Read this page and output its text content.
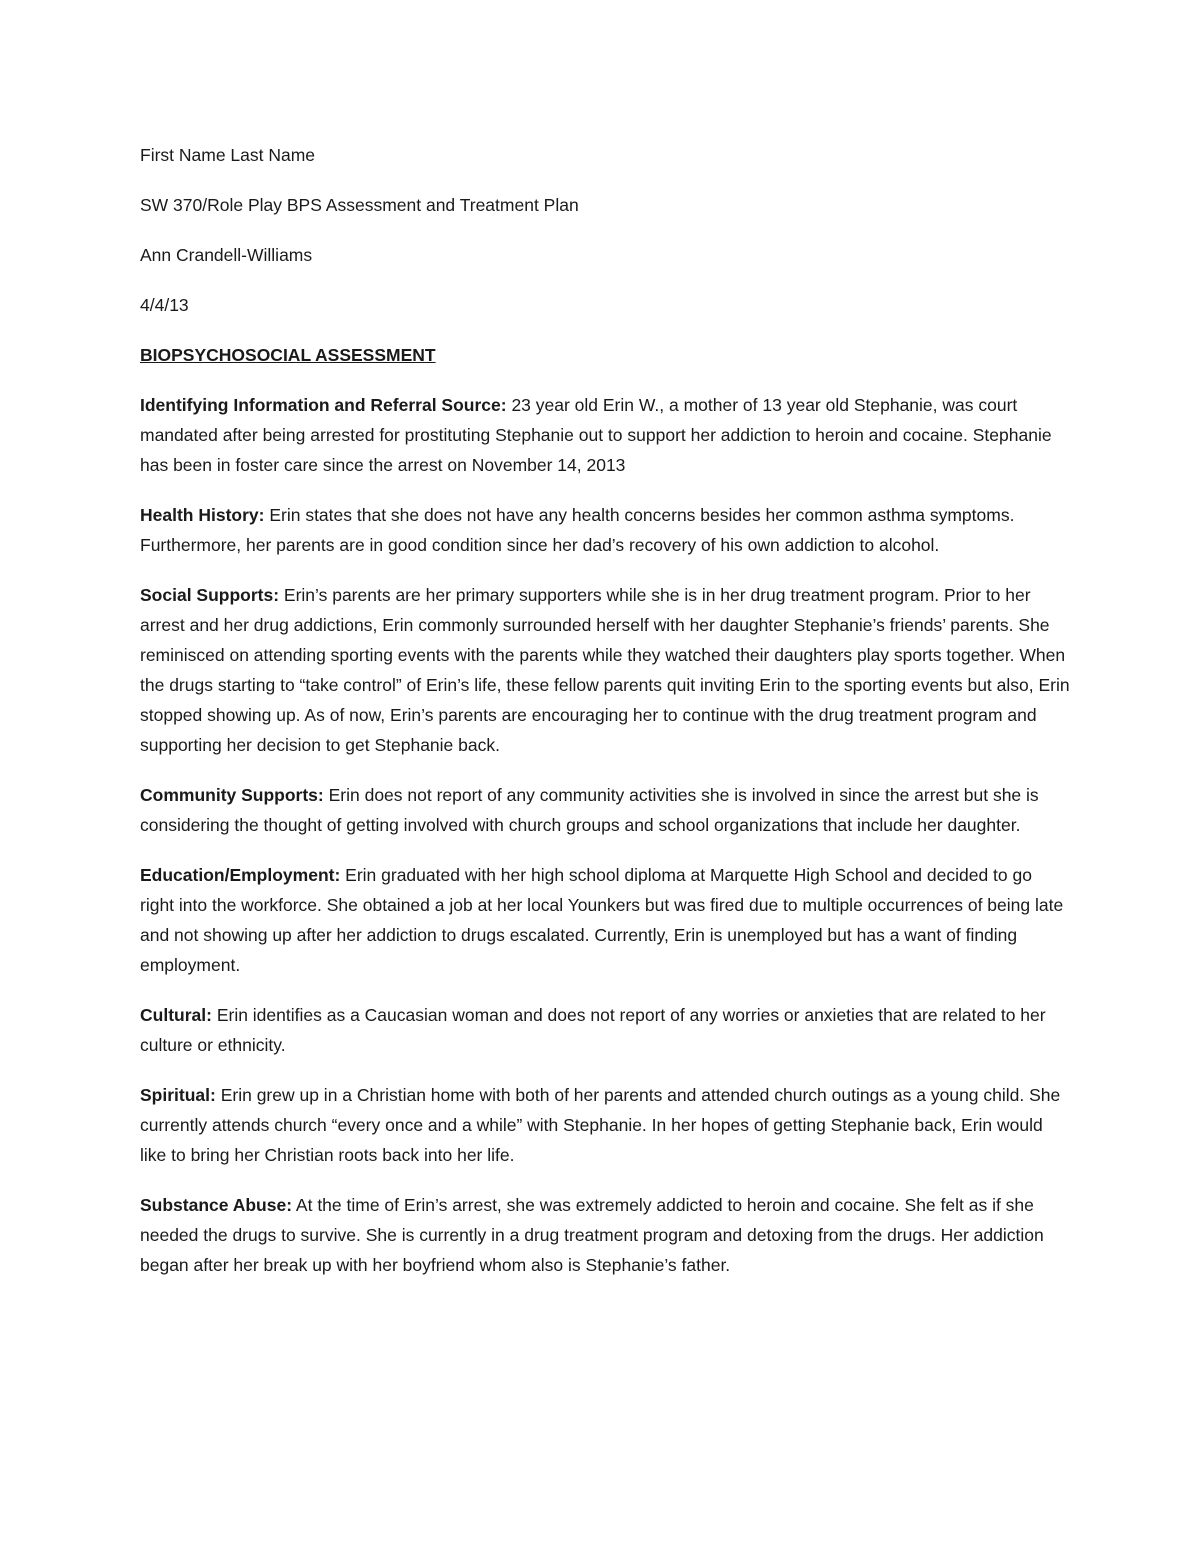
First Name Last Name

SW 370/Role Play BPS Assessment and Treatment Plan

Ann Crandell-Williams

4/4/13

BIOPSYCHOSOCIAL ASSESSMENT

Identifying Information and Referral Source: 23 year old Erin W., a mother of 13 year old Stephanie, was court mandated after being arrested for prostituting Stephanie out to support her addiction to heroin and cocaine. Stephanie has been in foster care since the arrest on November 14, 2013

Health History: Erin states that she does not have any health concerns besides her common asthma symptoms. Furthermore, her parents are in good condition since her dad’s recovery of his own addiction to alcohol.

Social Supports: Erin’s parents are her primary supporters while she is in her drug treatment program. Prior to her arrest and her drug addictions, Erin commonly surrounded herself with her daughter Stephanie’s friends’ parents. She reminisced on attending sporting events with the parents while they watched their daughters play sports together. When the drugs starting to “take control” of Erin’s life, these fellow parents quit inviting Erin to the sporting events but also, Erin stopped showing up. As of now, Erin’s parents are encouraging her to continue with the drug treatment program and supporting her decision to get Stephanie back.

Community Supports: Erin does not report of any community activities she is involved in since the arrest but she is considering the thought of getting involved with church groups and school organizations that include her daughter.

Education/Employment: Erin graduated with her high school diploma at Marquette High School and decided to go right into the workforce. She obtained a job at her local Younkers but was fired due to multiple occurrences of being late and not showing up after her addiction to drugs escalated. Currently, Erin is unemployed but has a want of finding employment.

Cultural: Erin identifies as a Caucasian woman and does not report of any worries or anxieties that are related to her culture or ethnicity.

Spiritual: Erin grew up in a Christian home with both of her parents and attended church outings as a young child. She currently attends church “every once and a while” with Stephanie. In her hopes of getting Stephanie back, Erin would like to bring her Christian roots back into her life.

Substance Abuse: At the time of Erin’s arrest, she was extremely addicted to heroin and cocaine. She felt as if she needed the drugs to survive. She is currently in a drug treatment program and detoxing from the drugs. Her addiction began after her break up with her boyfriend whom also is Stephanie’s father.
